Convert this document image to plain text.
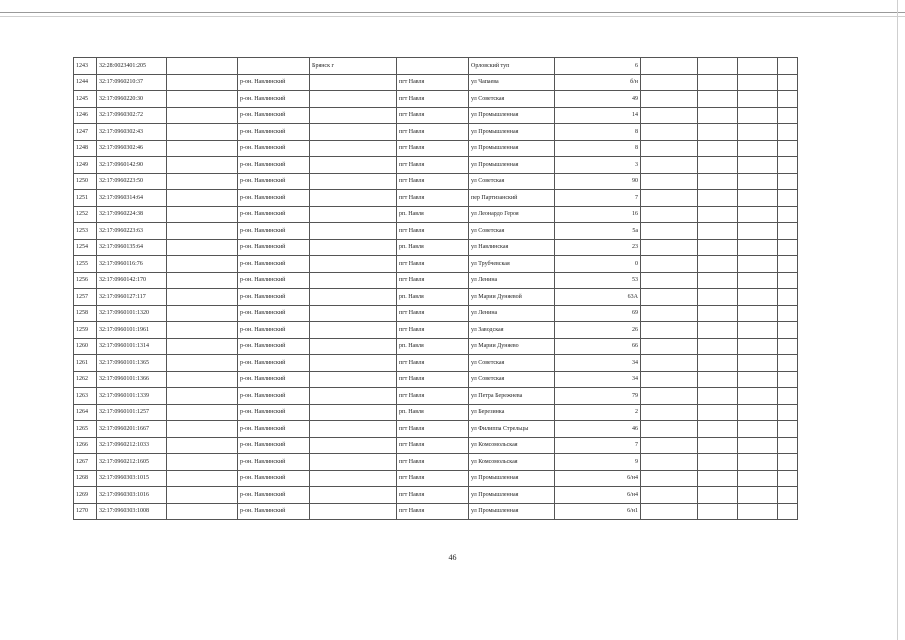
1243	32:28:0023401:205			Брянск г		Орловский туп	6				
1244	32:17:0960210:37		р-он. Навлинский		пгт Навля	ул Чапаева	б/н				
1245	32:17:0960220:30		р-он. Навлинский		пгт Навля	ул Советская	49				
1246	32:17:0960302:72		р-он. Навлинский		пгт Навля	ул Промышленная	14				
1247	32:17:0960302:43		р-он. Навлинский		пгт Навля	ул Промышленная	8				
1248	32:17:0960302:46		р-он. Навлинский		пгт Навля	ул Промышленная	8				
1249	32:17:0960142:90		р-он. Навлинский		пгт Навля	ул Промышленная	3				
1250	32:17:0960223:50		р-он. Навлинский		пгт Навля	ул Советская	90				
1251	32:17:0960314:64		р-он. Навлинский		пгт Навля	пер Партизанский	7				
1252	32:17:0960224:38		р-он. Навлинский		рп. Навля	ул Леонардо Героя	16				
1253	32:17:0960223:63		р-он. Навлинский		пгт Навля	ул Советская	5а				
1254	32:17:0960135:64		р-он. Навлинский		рп. Навля	ул Навлинская	23				
1255	32:17:0960116:76		р-он. Навлинский		пгт Навля	ул Трубчевская	0				
1256	32:17:0960142:170		р-он. Навлинский		пгт Навля	ул Ленина	53				
1257	32:17:0960127:117		р-он. Навлинский		рп. Навля	ул Марии Дуняевой	63А				
1258	32:17:0960101:1320		р-он. Навлинский		пгт Навля	ул Ленина	69				
1259	32:17:0960101:1961		р-он. Навлинский		пгт Навля	ул Заводская	26				
1260	32:17:0960101:1314		р-он. Навлинский		рп. Навля	ул Марии Дуняево	66				
1261	32:17:0960101:1365		р-он. Навлинский		пгт Навля	ул Советская	34				
1262	32:17:0960101:1366		р-он. Навлинский		пгт Навля	ул Советская	34				
1263	32:17:0960101:1339		р-он. Навлинский		пгт Навля	ул Петра Бережнева	79				
1264	32:17:0960101:1257		р-он. Навлинский		рп. Навля	ул Березинка	2				
1265	32:17:0960201:1667		р-он. Навлинский		пгт Навля	ул Филиппа Стрельцы	46				
1266	32:17:0960212:1033		р-он. Навлинский		пгт Навля	ул Комсомольская	7				
1267	32:17:0960212:1605		р-он. Навлинский		пгт Навля	ул Комсомольская	9				
1268	32:17:0960303:1015		р-он. Навлинский		пгт Навля	ул Промышленная	6/н4				
1269	32:17:0960303:1016		р-он. Навлинский		пгт Навля	ул Промышленная	6/н4				
1270	32:17:0960303:1008		р-он. Навлинский		пгт Навля	ул Промышленная	6/н1				
46
